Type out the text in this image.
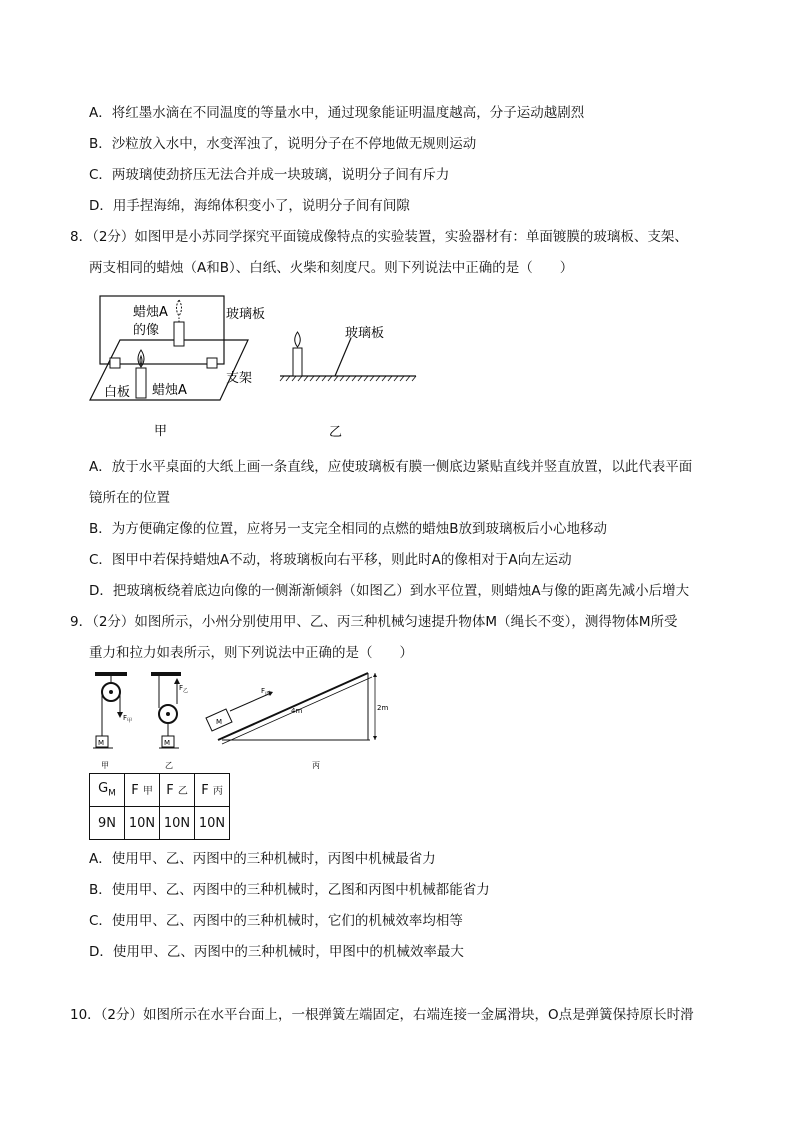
A．将红墨水滴在不同温度的等量水中，通过现象能证明温度越高，分子运动越剧烈
B．沙粒放入水中，水变浑浊了，说明分子在不停地做无规则运动
C．两玻璃使劲挤压无法合并成一块玻璃，说明分子间有斥力
D．用手捏海绵，海绵体积变小了，说明分子间有间隙
8．（2分）如图甲是小苏同学探究平面镜成像特点的实验装置，实验器材有：单面镀膜的玻璃板、支架、
两支相同的蜡烛（A和B）、白纸、火柴和刻度尺。则下列说法中正确的是（　　）
蜡烛A
的像
玻璃板
支架
白板 蜡烛A
甲
玻璃板
乙
A．放于水平桌面的大纸上画一条直线，应使玻璃板有膜一侧底边紧贴直线并竖直放置，以此代表平面
镜所在的位置
B．为方便确定像的位置，应将另一支完全相同的点燃的蜡烛B放到玻璃板后小心地移动
C．图甲中若保持蜡烛A不动，将玻璃板向右平移，则此时A的像相对于A向左运动
D．把玻璃板绕着底边向像的一侧渐渐倾斜（如图乙）到水平位置，则蜡烛A与像的距离先减小后增大
9．（2分）如图所示，小州分别使用甲、乙、丙三种机械匀速提升物体M（绳长不变），测得物体M所受
重力和拉力如表所示，则下列说法中正确的是（　　）
$F_甲$
M
甲
$F_乙$
M
乙
2m
M
$F_丙$
4m
丙
$G_M$	F 甲	F 乙	F 丙
9N	10N	10N	10N
A．使用甲、乙、丙图中的三种机械时，丙图中机械最省力
B．使用甲、乙、丙图中的三种机械时，乙图和丙图中机械都能省力
C．使用甲、乙、丙图中的三种机械时，它们的机械效率均相等
D．使用甲、乙、丙图中的三种机械时，甲图中的机械效率最大
10．（2分）如图所示在水平台面上，一根弹簧左端固定，右端连接一金属滑块，O点是弹簧保持原长时滑
